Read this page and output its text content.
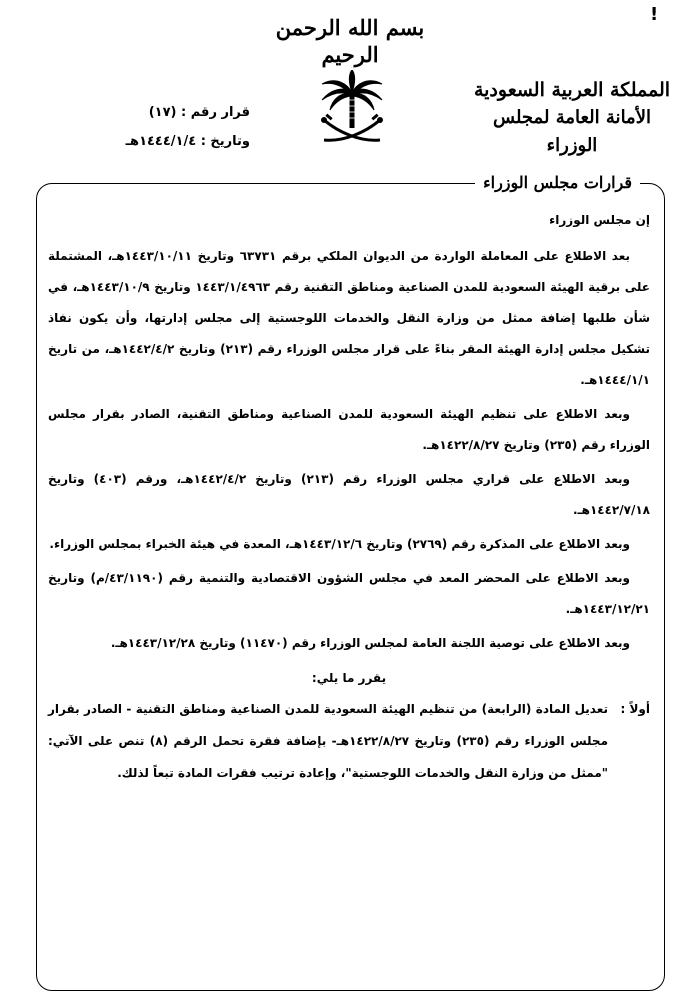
!
بسم الله الرحمن الرحيم
المملكة العربية السعودية
الأمانة العامة لمجلس الوزراء
قرار رقم : (١٧)
وتاريخ : ١٤٤٤/١/٤هـ
قرارات مجلس الوزراء

إن مجلس الوزراء

بعد الاطلاع على المعاملة الواردة من الديوان الملكي برقم ٦٣٧٣١ وتاريخ ١٤٤٣/١٠/١١هـ، المشتملة على برقية الهيئة السعودية للمدن الصناعية ومناطق التقنية رقم ١٤٤٣/١/٤٩٦٣ وتاريخ ١٤٤٣/١٠/٩هـ، في شأن طلبها إضافة ممثل من وزارة النقل والخدمات اللوجستية إلى مجلس إدارتها، وأن يكون نفاذ تشكيل مجلس إدارة الهيئة المقر بناءً على قرار مجلس الوزراء رقم (٢١٣) وتاريخ ١٤٤٢/٤/٢هـ، من تاريخ ١٤٤٤/١/١هـ.

وبعد الاطلاع على تنظيم الهيئة السعودية للمدن الصناعية ومناطق التقنية، الصادر بقرار مجلس الوزراء رقم (٢٣٥) وتاريخ ١٤٢٢/٨/٢٧هـ.

وبعد الاطلاع على قراري مجلس الوزراء رقم (٢١٣) وتاريخ ١٤٤٢/٤/٢هـ، ورقم (٤٠٣) وتاريخ ١٤٤٢/٧/١٨هـ.

وبعد الاطلاع على المذكرة رقم (٢٧٦٩) وتاريخ ١٤٤٣/١٢/٦هـ، المعدة في هيئة الخبراء بمجلس الوزراء.

وبعد الاطلاع على المحضر المعد في مجلس الشؤون الاقتصادية والتنمية رقم (٤٣/١١٩٠/م) وتاريخ ١٤٤٣/١٢/٢١هـ.

وبعد الاطلاع على توصية اللجنة العامة لمجلس الوزراء رقم (١١٤٧٠) وتاريخ ١٤٤٣/١٢/٢٨هـ.

يقرر ما يلي:

أولاً :
تعديل المادة (الرابعة) من تنظيم الهيئة السعودية للمدن الصناعية ومناطق التقنية - الصادر بقرار مجلس الوزراء رقم (٢٣٥) وتاريخ ١٤٢٢/٨/٢٧هـ- بإضافة فقرة تحمل الرقم (٨) تنص على الآتي: "ممثل من وزارة النقل والخدمات اللوجستية"، وإعادة ترتيب فقرات المادة تبعاً لذلك.
